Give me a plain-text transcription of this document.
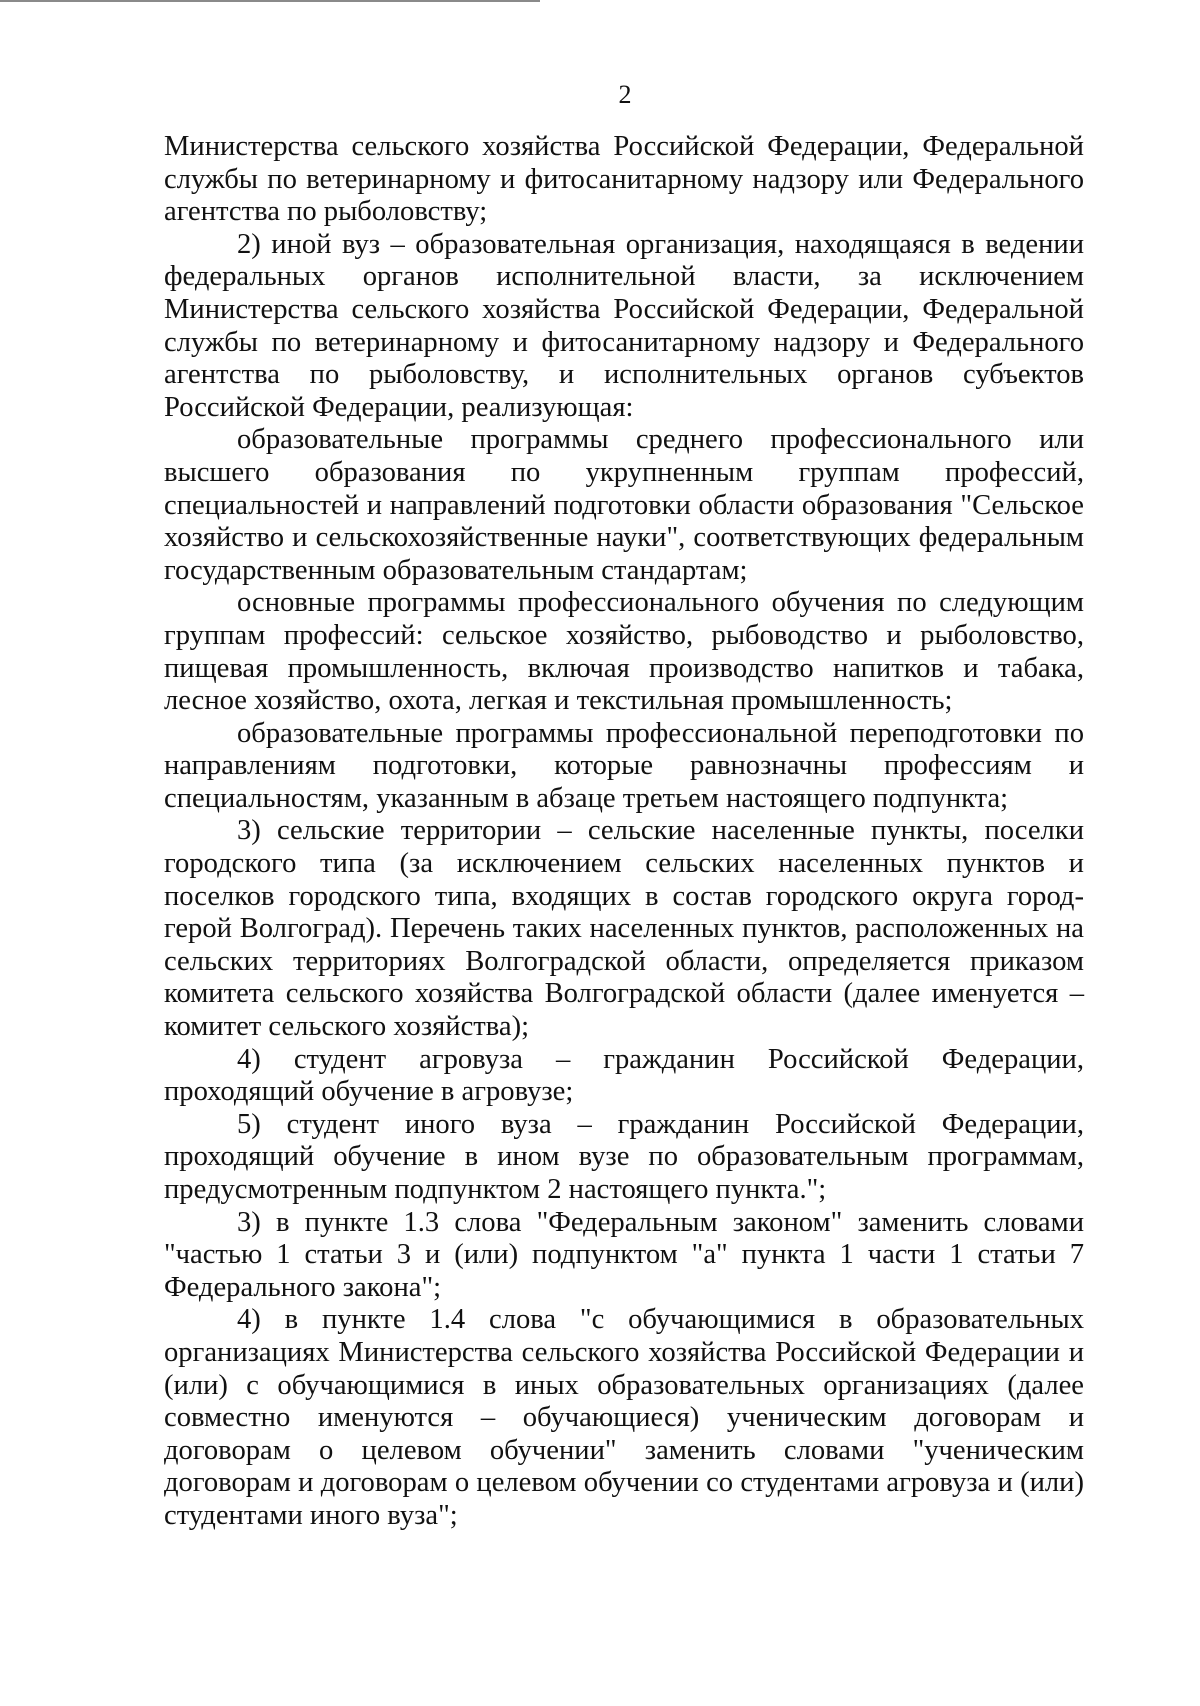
2

Министерства сельского хозяйства Российской Федерации, Федеральной службы по ветеринарному и фитосанитарному надзору или Федерального агентства по рыболовству;

2) иной вуз – образовательная организация, находящаяся в ведении федеральных органов исполнительной власти, за исключением Министерства сельского хозяйства Российской Федерации, Федеральной службы по ветеринарному и фитосанитарному надзору и Федерального агентства по рыболовству, и исполнительных органов субъектов Российской Федерации, реализующая:

образовательные программы среднего профессионального или высшего образования по укрупненным группам профессий, специальностей и направлений подготовки области образования "Сельское хозяйство и сельскохозяйственные науки", соответствующих федеральным государственным образовательным стандартам;

основные программы профессионального обучения по следующим группам профессий: сельское хозяйство, рыбоводство и рыболовство, пищевая промышленность, включая производство напитков и табака, лесное хозяйство, охота, легкая и текстильная промышленность;

образовательные программы профессиональной переподготовки по направлениям подготовки, которые равнозначны профессиям и специальностям, указанным в абзаце третьем настоящего подпункта;

3) сельские территории – сельские населенные пункты, поселки городского типа (за исключением сельских населенных пунктов и поселков городского типа, входящих в состав городского округа город-герой Волгоград). Перечень таких населенных пунктов, расположенных на сельских территориях Волгоградской области, определяется приказом комитета сельского хозяйства Волгоградской области (далее именуется – комитет сельского хозяйства);

4) студент агровуза – гражданин Российской Федерации, проходящий обучение в агровузе;

5) студент иного вуза – гражданин Российской Федерации, проходящий обучение в ином вузе по образовательным программам, предусмотренным подпунктом 2 настоящего пункта.";

3) в пункте 1.3 слова "Федеральным законом" заменить словами "частью 1 статьи 3 и (или) подпунктом "а" пункта 1 части 1 статьи 7 Федерального закона";

4) в пункте 1.4 слова "с обучающимися в образовательных организациях Министерства сельского хозяйства Российской Федерации и (или) с обучающимися в иных образовательных организациях (далее совместно именуются – обучающиеся) ученическим договорам и договорам о целевом обучении" заменить словами "ученическим договорам и договорам о целевом обучении со студентами агровуза и (или) студентами иного вуза";
